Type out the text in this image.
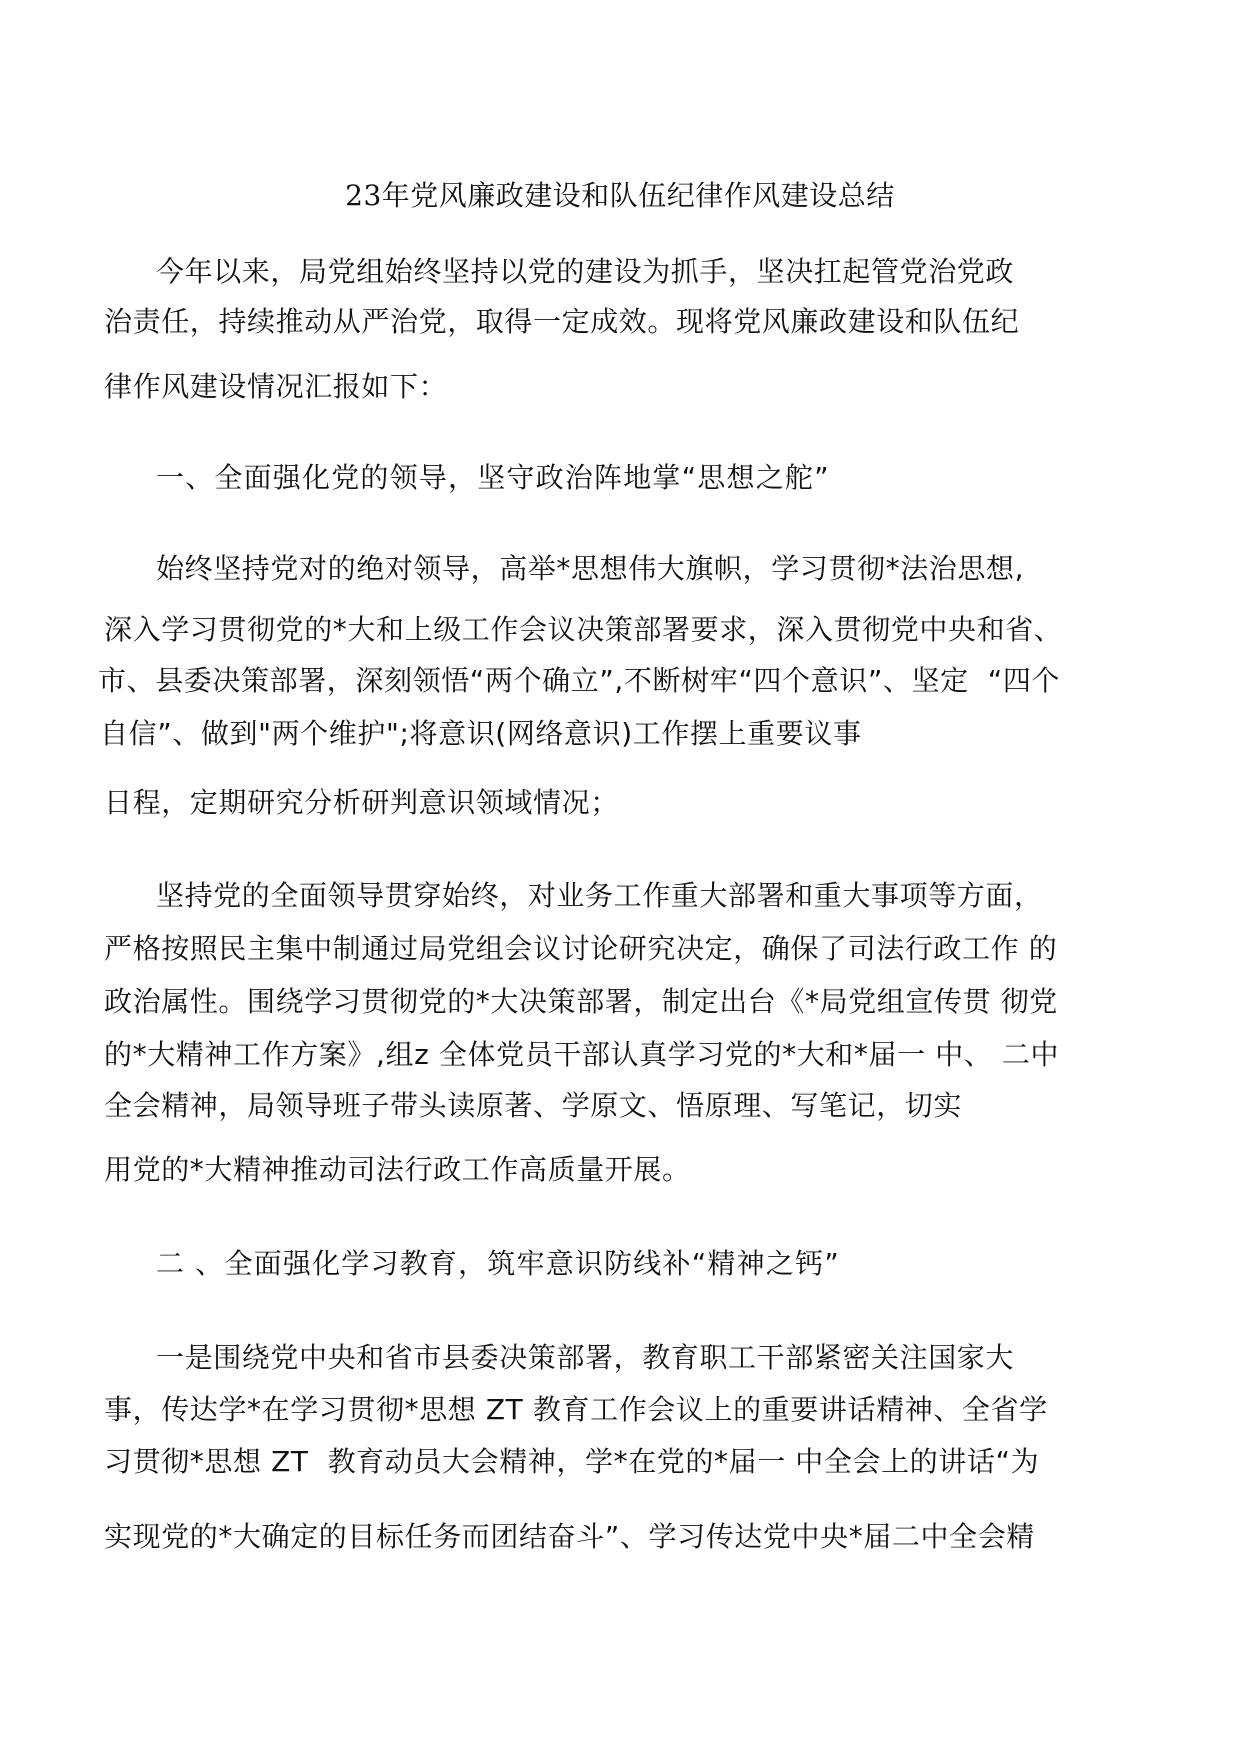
23年党风廉政建设和队伍纪律作风建设总结
今年以来，局党组始终坚持以党的建设为抓手，坚决扛起管党治党政
治责任，持续推动从严治党，取得一定成效。现将党风廉政建设和队伍纪
律作风建设情况汇报如下：
一、全面强化党的领导，坚守政治阵地掌“思想之舵”
始终坚持党对的绝对领导，高举*思想伟大旗帜，学习贯彻*法治思想,
深入学习贯彻党的*大和上级工作会议决策部署要求，深入贯彻党中央和省、
市、县委决策部署，深刻领悟“两个确立”,不断树牢“四个意识”、坚定  “四个
自信”、做到"两个维护";将意识(网络意识)工作摆上重要议事
日程，定期研究分析研判意识领域情况；
坚持党的全面领导贯穿始终，对业务工作重大部署和重大事项等方面，
严格按照民主集中制通过局党组会议讨论研究决定，确保了司法行政工作 的
政治属性。围绕学习贯彻党的*大决策部署，制定出台《*局党组宣传贯 彻党
的*大精神工作方案》,组z 全体党员干部认真学习党的*大和*届一 中、 二中
全会精神，局领导班子带头读原著、学原文、悟原理、写笔记，切实
用党的*大精神推动司法行政工作高质量开展。
二 、全面强化学习教育，筑牢意识防线补“精神之钙”
一是围绕党中央和省市县委决策部署，教育职工干部紧密关注国家大
事，传达学*在学习贯彻*思想 ZT 教育工作会议上的重要讲话精神、全省学
习贯彻*思想 ZT  教育动员大会精神，学*在党的*届一 中全会上的讲话“为
实现党的*大确定的目标任务而团结奋斗”、学习传达党中央*届二中全会精
